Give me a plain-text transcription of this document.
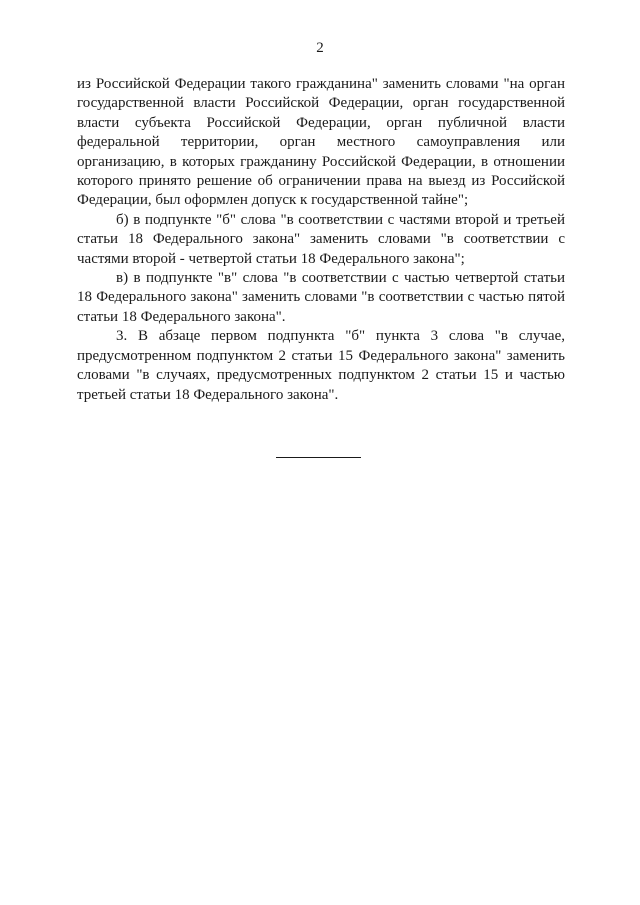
2

из Российской Федерации такого гражданина" заменить словами "на орган государственной власти Российской Федерации, орган государственной власти субъекта Российской Федерации, орган публичной власти федеральной территории, орган местного самоуправления или организацию, в которых гражданину Российской Федерации, в отношении которого принято решение об ограничении права на выезд из Российской Федерации, был оформлен допуск к государственной тайне";

б) в подпункте "б" слова "в соответствии с частями второй и третьей статьи 18 Федерального закона" заменить словами "в соответствии с частями второй - четвертой статьи 18 Федерального закона";

в) в подпункте "в" слова "в соответствии с частью четвертой статьи 18 Федерального закона" заменить словами "в соответствии с частью пятой статьи 18 Федерального закона".

3. В абзаце первом подпункта "б" пункта 3 слова "в случае, предусмотренном подпунктом 2 статьи 15 Федерального закона" заменить словами "в случаях, предусмотренных подпунктом 2 статьи 15 и частью третьей статьи 18 Федерального закона".
